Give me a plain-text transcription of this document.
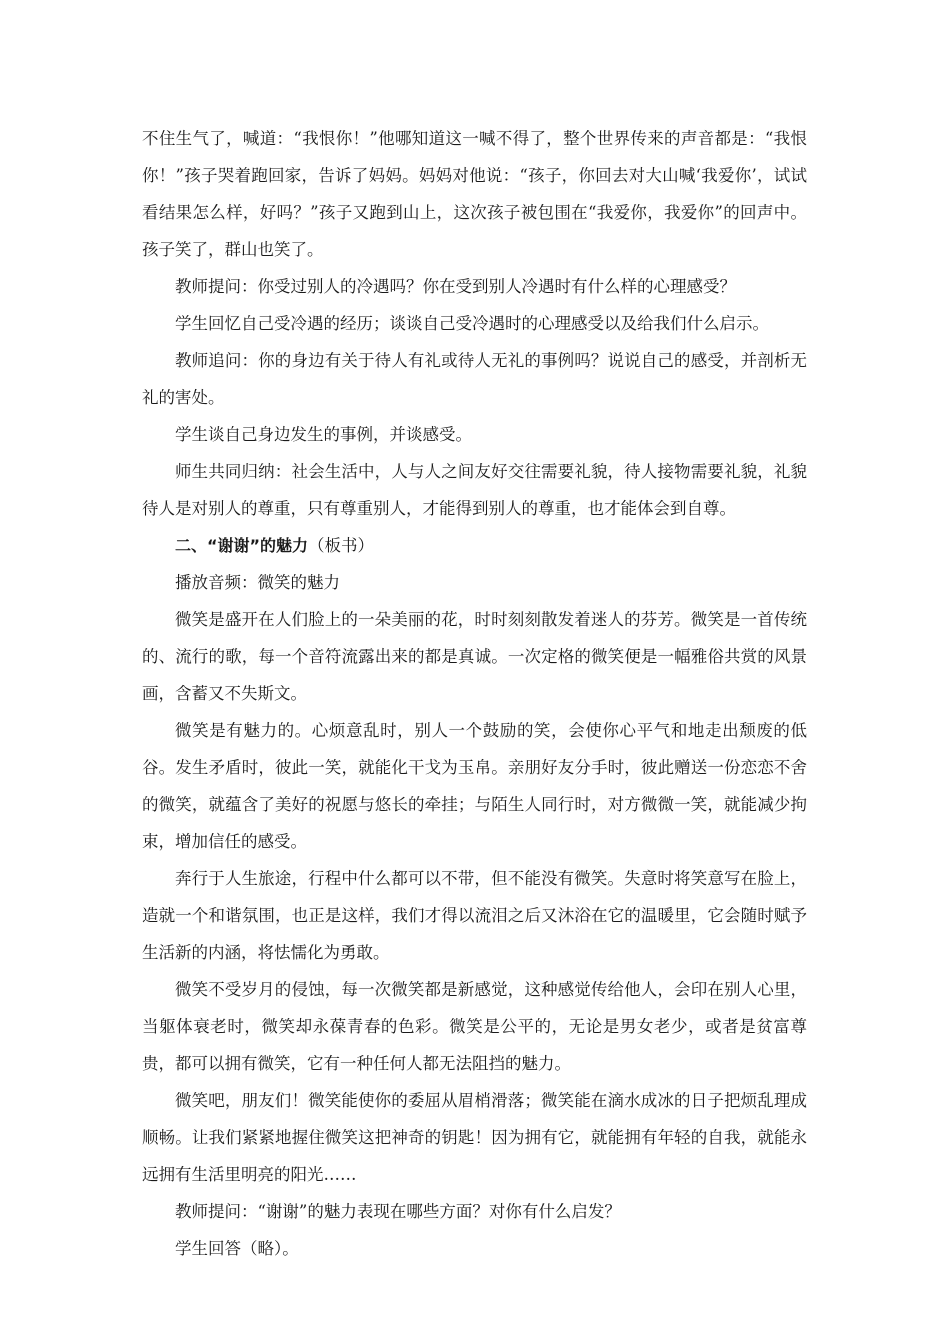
不住生气了，喊道：“我恨你！”他哪知道这一喊不得了，整个世界传来的声音都是：“我恨你！”孩子哭着跑回家，告诉了妈妈。妈妈对他说：“孩子，你回去对大山喊‘我爱你’，试试看结果怎么样，好吗？”孩子又跑到山上，这次孩子被包围在“我爱你，我爱你”的回声中。孩子笑了，群山也笑了。

教师提问：你受过别人的冷遇吗？你在受到别人冷遇时有什么样的心理感受？

学生回忆自己受冷遇的经历；谈谈自己受冷遇时的心理感受以及给我们什么启示。

教师追问：你的身边有关于待人有礼或待人无礼的事例吗？说说自己的感受，并剖析无礼的害处。

学生谈自己身边发生的事例，并谈感受。

师生共同归纳：社会生活中，人与人之间友好交往需要礼貌，待人接物需要礼貌，礼貌待人是对别人的尊重，只有尊重别人，才能得到别人的尊重，也才能体会到自尊。

二、“谢谢”的魅力（板书）

播放音频：微笑的魅力

微笑是盛开在人们脸上的一朵美丽的花，时时刻刻散发着迷人的芬芳。微笑是一首传统的、流行的歌，每一个音符流露出来的都是真诚。一次定格的微笑便是一幅雅俗共赏的风景画，含蓄又不失斯文。

微笑是有魅力的。心烦意乱时，别人一个鼓励的笑，会使你心平气和地走出颓废的低谷。发生矛盾时，彼此一笑，就能化干戈为玉帛。亲朋好友分手时，彼此赠送一份恋恋不舍的微笑，就蕴含了美好的祝愿与悠长的牵挂；与陌生人同行时，对方微微一笑，就能减少拘束，增加信任的感受。

奔行于人生旅途，行程中什么都可以不带，但不能没有微笑。失意时将笑意写在脸上，造就一个和谐氛围，也正是这样，我们才得以流泪之后又沐浴在它的温暖里，它会随时赋予生活新的内涵，将怯懦化为勇敢。

微笑不受岁月的侵蚀，每一次微笑都是新感觉，这种感觉传给他人，会印在别人心里，当躯体衰老时，微笑却永葆青春的色彩。微笑是公平的，无论是男女老少，或者是贫富尊贵，都可以拥有微笑，它有一种任何人都无法阻挡的魅力。

微笑吧，朋友们！微笑能使你的委屈从眉梢滑落；微笑能在滴水成冰的日子把烦乱理成顺畅。让我们紧紧地握住微笑这把神奇的钥匙！因为拥有它，就能拥有年轻的自我，就能永远拥有生活里明亮的阳光……

教师提问：“谢谢”的魅力表现在哪些方面？对你有什么启发？

学生回答（略）。
